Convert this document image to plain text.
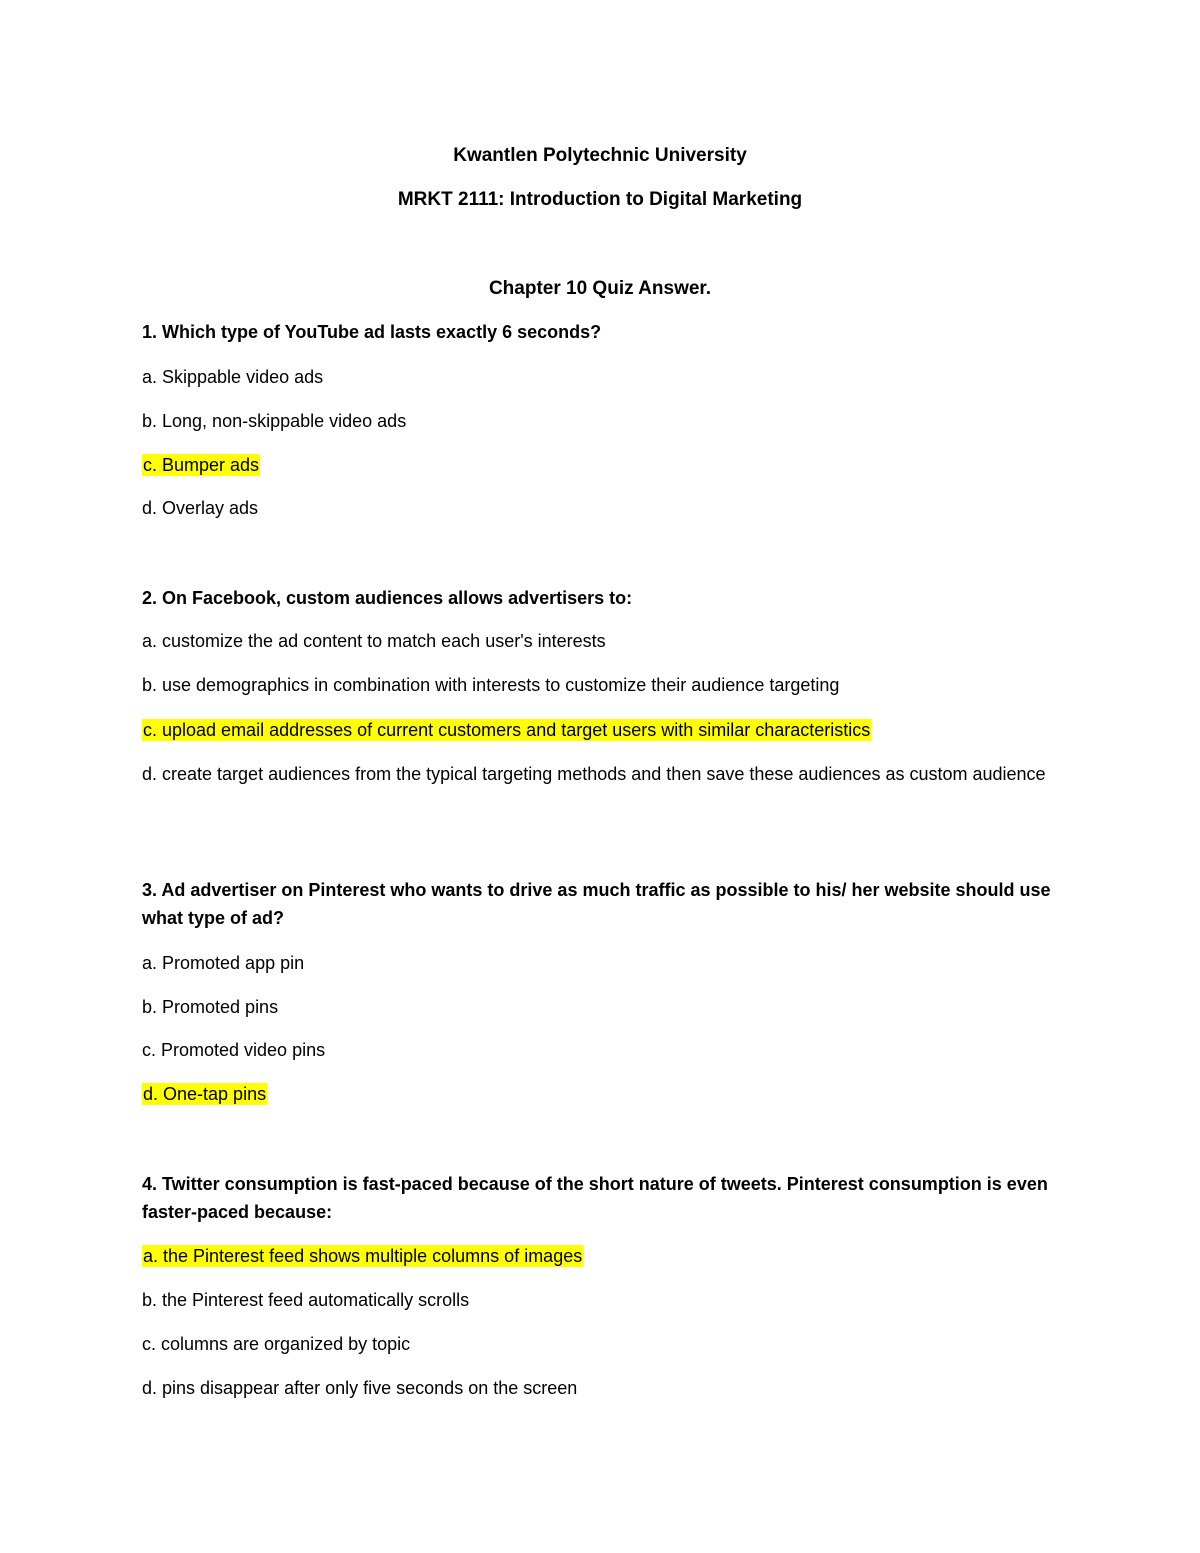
Kwantlen Polytechnic University
MRKT 2111: Introduction to Digital Marketing
Chapter 10 Quiz Answer.
1. Which type of YouTube ad lasts exactly 6 seconds?
a. Skippable video ads
b. Long, non-skippable video ads
c. Bumper ads
d. Overlay ads
2. On Facebook, custom audiences allows advertisers to:
a. customize the ad content to match each user's interests
b. use demographics in combination with interests to customize their audience targeting
c. upload email addresses of current customers and target users with similar characteristics
d. create target audiences from the typical targeting methods and then save these audiences as custom audience
3. Ad advertiser on Pinterest who wants to drive as much traffic as possible to his/ her website should use what type of ad?
a. Promoted app pin
b. Promoted pins
c. Promoted video pins
d. One-tap pins
4. Twitter consumption is fast-paced because of the short nature of tweets. Pinterest consumption is even faster-paced because:
a. the Pinterest feed shows multiple columns of images
b. the Pinterest feed automatically scrolls
c. columns are organized by topic
d. pins disappear after only five seconds on the screen
